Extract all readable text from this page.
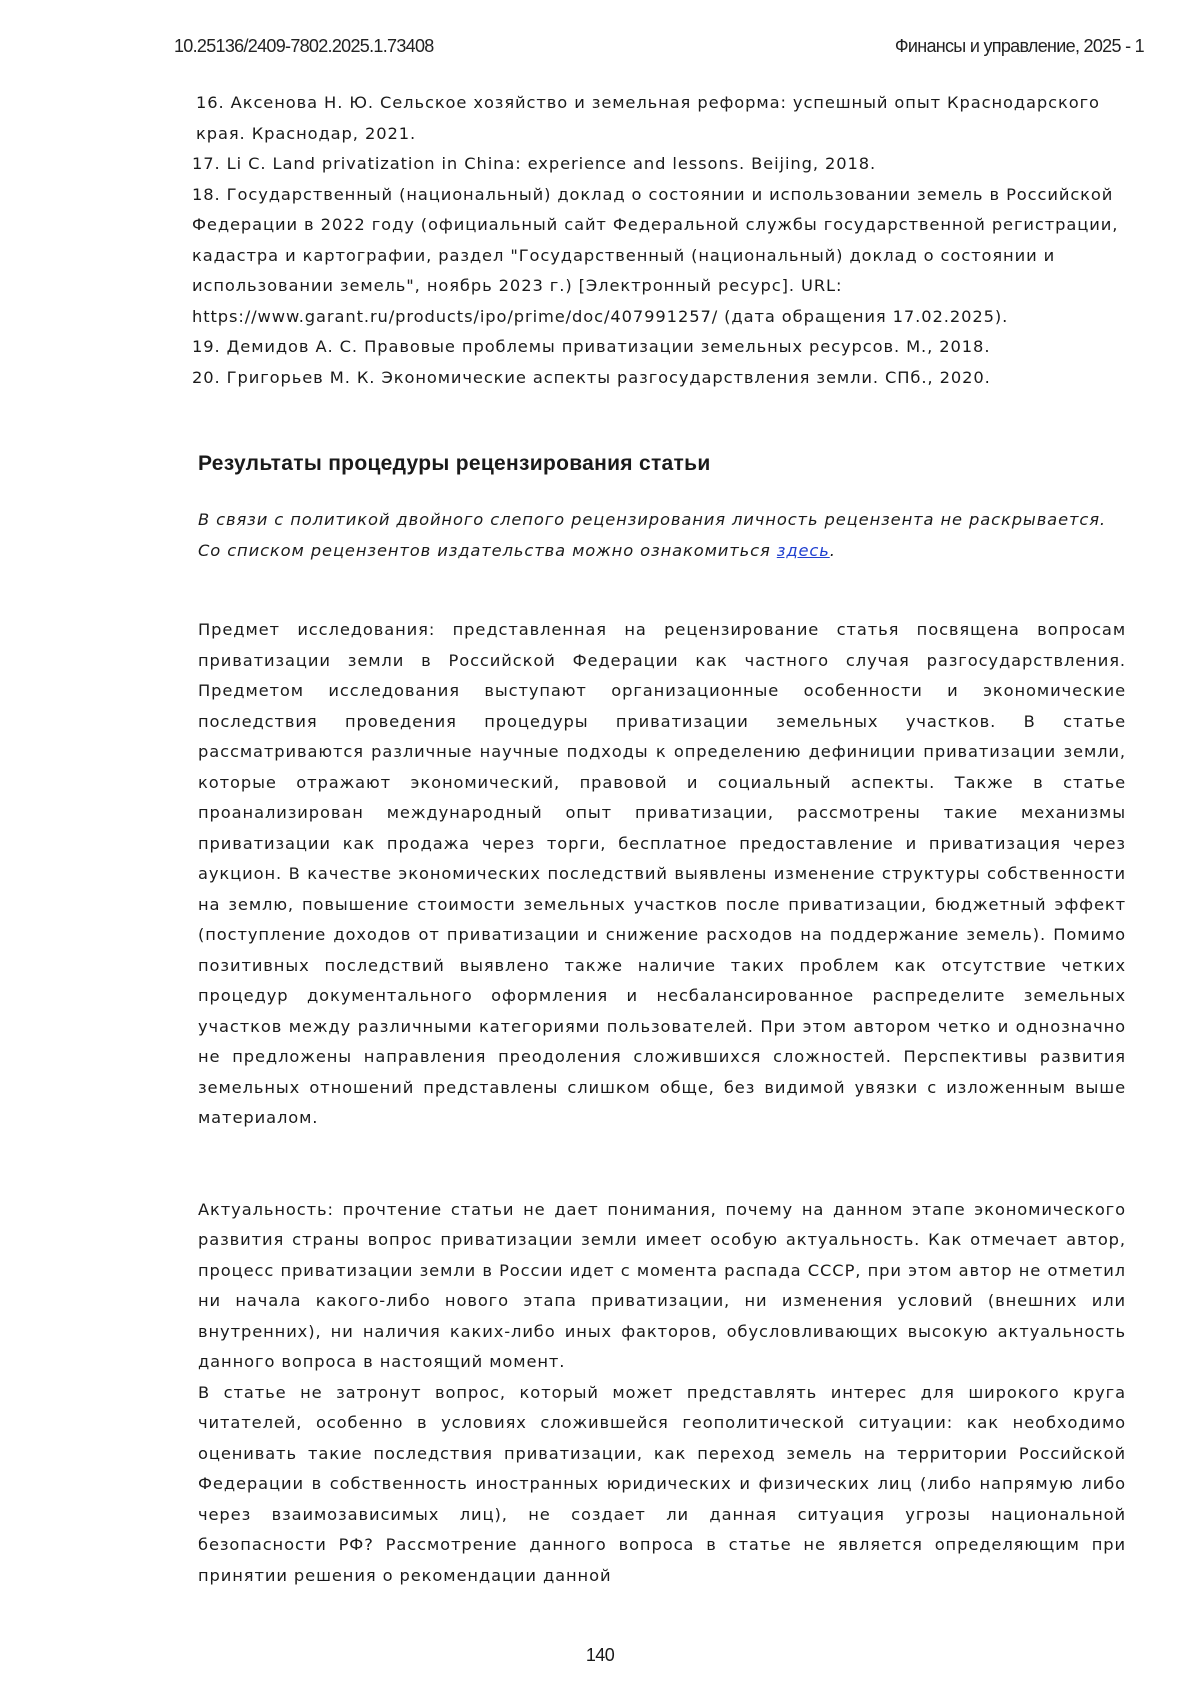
10.25136/2409-7802.2025.1.73408	Финансы и управление, 2025 - 1

16. Аксенова Н. Ю. Сельское хозяйство и земельная реформа: успешный опыт Краснодарского края. Краснодар, 2021.

17. Li C. Land privatization in China: experience and lessons. Beijing, 2018.

18. Государственный (национальный) доклад о состоянии и использовании земель в Российской Федерации в 2022 году (официальный сайт Федеральной службы государственной регистрации, кадастра и картографии, раздел "Государственный (национальный) доклад о состоянии и использовании земель", ноябрь 2023 г.) [Электронный ресурс]. URL: https://www.garant.ru/products/ipo/prime/doc/407991257/ (дата обращения 17.02.2025).

19. Демидов А. С. Правовые проблемы приватизации земельных ресурсов. М., 2018.

20. Григорьев М. К. Экономические аспекты разгосударствления земли. СПб., 2020.

Результаты процедуры рецензирования статьи

В связи с политикой двойного слепого рецензирования личность рецензента не раскрывается.

Со списком рецензентов издательства можно ознакомиться здесь.

Предмет исследования: представленная на рецензирование статья посвящена вопросам приватизации земли в Российской Федерации как частного случая разгосударствления. Предметом исследования выступают организационные особенности и экономические последствия проведения процедуры приватизации земельных участков. В статье рассматриваются различные научные подходы к определению дефиниции приватизации земли, которые отражают экономический, правовой и социальный аспекты. Также в статье проанализирован международный опыт приватизации, рассмотрены такие механизмы приватизации как продажа через торги, бесплатное предоставление и приватизация через аукцион. В качестве экономических последствий выявлены изменение структуры собственности на землю, повышение стоимости земельных участков после приватизации, бюджетный эффект (поступление доходов от приватизации и снижение расходов на поддержание земель). Помимо позитивных последствий выявлено также наличие таких проблем как отсутствие четких процедур документального оформления и несбалансированное распределите земельных участков между различными категориями пользователей. При этом автором четко и однозначно не предложены направления преодоления сложившихся сложностей. Перспективы развития земельных отношений представлены слишком обще, без видимой увязки с изложенным выше материалом.

Актуальность: прочтение статьи не дает понимания, почему на данном этапе экономического развития страны вопрос приватизации земли имеет особую актуальность. Как отмечает автор, процесс приватизации земли в России идет с момента распада СССР, при этом автор не отметил ни начала какого-либо нового этапа приватизации, ни изменения условий (внешних или внутренних), ни наличия каких-либо иных факторов, обусловливающих высокую актуальность данного вопроса в настоящий момент.

В статье не затронут вопрос, который может представлять интерес для широкого круга читателей, особенно в условиях сложившейся геополитической ситуации: как необходимо оценивать такие последствия приватизации, как переход земель на территории Российской Федерации в собственность иностранных юридических и физических лиц (либо напрямую либо через взаимозависимых лиц), не создает ли данная ситуация угрозы национальной безопасности РФ? Рассмотрение данного вопроса в статье не является определяющим при принятии решения о рекомендации данной

140
